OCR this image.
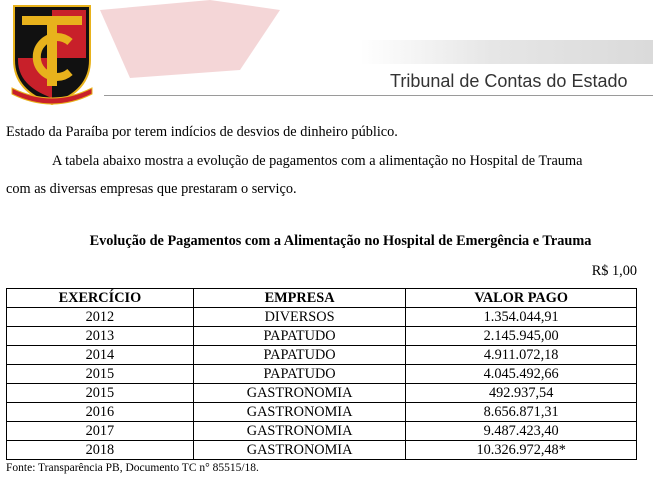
Tribunal de Contas do Estado
Estado da Paraíba por terem indícios de desvios de dinheiro público.
A tabela abaixo mostra a evolução de pagamentos com a alimentação no Hospital de Trauma
com as diversas empresas que prestaram o serviço.
Evolução de Pagamentos com a Alimentação no Hospital de Emergência e Trauma
R$ 1,00
EXERCÍCIO	EMPRESA	VALOR PAGO
2012	DIVERSOS	1.354.044,91
2013	PAPATUDO	2.145.945,00
2014	PAPATUDO	4.911.072,18
2015	PAPATUDO	4.045.492,66
2015	GASTRONOMIA	492.937,54
2016	GASTRONOMIA	8.656.871,31
2017	GASTRONOMIA	9.487.423,40
2018	GASTRONOMIA	10.326.972,48*
Fonte: Transparência PB, Documento TC n° 85515/18.
